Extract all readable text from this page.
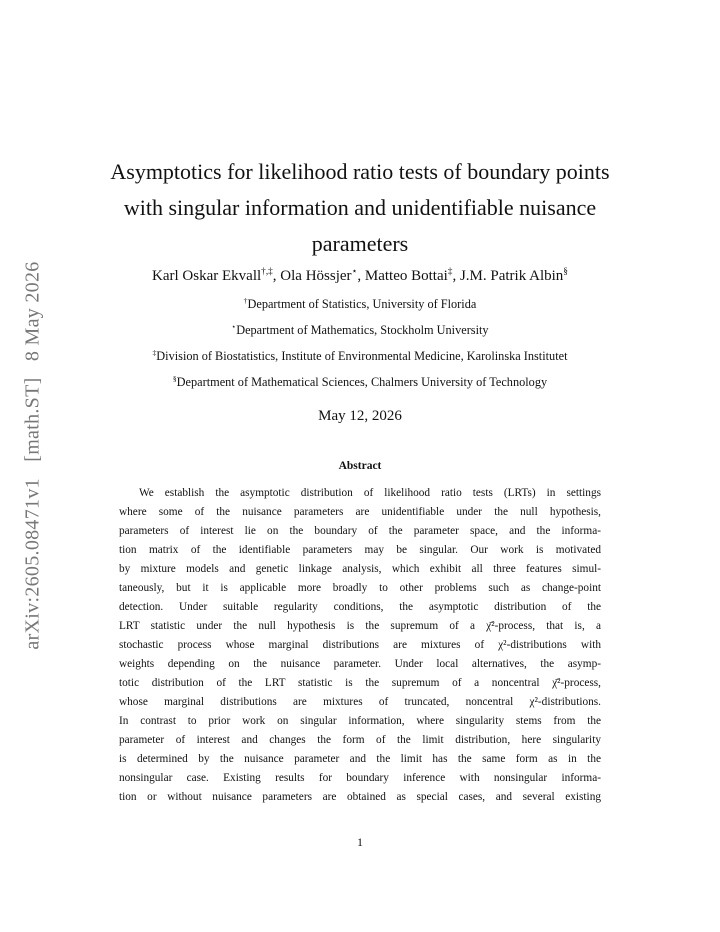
arXiv:2605.08471v1 [math.ST] 8 May 2026
Asymptotics for likelihood ratio tests of boundary points with singular information and unidentifiable nuisance parameters
Karl Oskar Ekvall†,‡, Ola Hössjer⋆, Matteo Bottai‡, J.M. Patrik Albin§
†Department of Statistics, University of Florida
⋆Department of Mathematics, Stockholm University
‡Division of Biostatistics, Institute of Environmental Medicine, Karolinska Institutet
§Department of Mathematical Sciences, Chalmers University of Technology
May 12, 2026
Abstract
We establish the asymptotic distribution of likelihood ratio tests (LRTs) in settings
where some of the nuisance parameters are unidentifiable under the null hypothesis,
parameters of interest lie on the boundary of the parameter space, and the informa-
tion matrix of the identifiable parameters may be singular. Our work is motivated
by mixture models and genetic linkage analysis, which exhibit all three features simul-
taneously, but it is applicable more broadly to other problems such as change-point
detection. Under suitable regularity conditions, the asymptotic distribution of the
LRT statistic under the null hypothesis is the supremum of a χ̄²-process, that is, a
stochastic process whose marginal distributions are mixtures of χ²-distributions with
weights depending on the nuisance parameter. Under local alternatives, the asymp-
totic distribution of the LRT statistic is the supremum of a noncentral χ̄²-process,
whose marginal distributions are mixtures of truncated, noncentral χ²-distributions.
In contrast to prior work on singular information, where singularity stems from the
parameter of interest and changes the form of the limit distribution, here singularity
is determined by the nuisance parameter and the limit has the same form as in the
nonsingular case. Existing results for boundary inference with nonsingular informa-
tion or without nuisance parameters are obtained as special cases, and several existing
1
